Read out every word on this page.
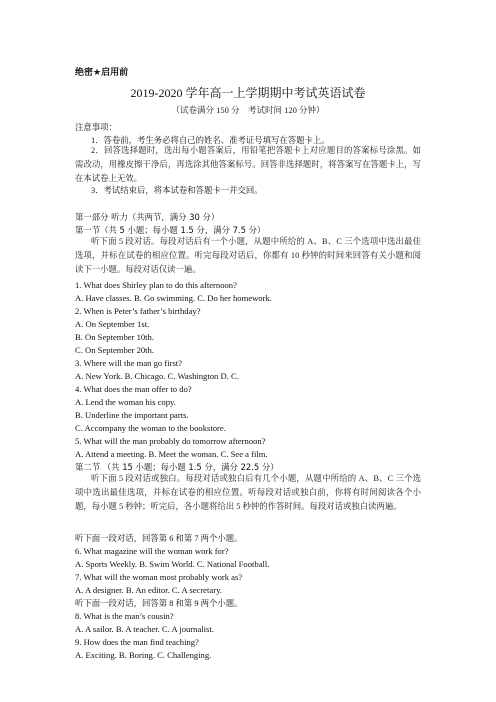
绝密★启用前
2019-2020 学年高一上学期期中考试英语试卷
（试卷满分 150 分　考试时间 120 分钟）
注意事项：
1．答卷前，考生务必将自己的姓名、准考证号填写在答题卡上。
2．回答选择题时，选出每小题答案后，用铅笔把答题卡上对应题目的答案标号涂黑。如需改动，用橡皮擦干净后，再选涂其他答案标号。回答非选择题时，将答案写在答题卡上，写在本试卷上无效。
3．考试结束后，将本试卷和答题卡一并交回。
第一部分 听力（共两节，满分 30 分）
第一节（共 5 小题；每小题 1.5 分，满分 7.5 分）
听下面 5 段对话。每段对话后有一个小题，从题中所给的 A、B、C 三个选项中选出最佳选项，并标在试卷的相应位置。听完每段对话后，你都有 10 秒钟的时间来回答有关小题和阅读下一小题。每段对话仅读一遍。
1. What does Shirley plan to do this afternoon?
A. Have classes. B. Go swimming. C. Do her homework.
2. When is Peter’s father’s birthday?
A. On September 1st.
B. On September 10th.
C. On September 20th.
3. Where will the man go first?
A. New York. B. Chicago. C. Washington D. C.
4. What does the man offer to do?
A. Lend the woman his copy.
B. Underline the important parts.
C. Accompany the woman to the bookstore.
5. What will the man probably do tomorrow afternoon?
A. Attend a meeting. B. Meet the woman. C. See a film.
第二节 （共 15 小题；每小题 1.5 分，满分 22.5 分）
听下面 5 段对话或独白。每段对话或独白后有几个小题，从题中所给的 A、B、C 三个选项中选出最佳选项，并标在试卷的相应位置。听每段对话或独白前，你将有时间阅读各个小题，每小题 5 秒钟；听完后，各小题将给出 5 秒钟的作答时间。每段对话或独白读两遍。
听下面一段对话，回答第 6 和第 7 两个小题。
6. What magazine will the woman work for?
A. Sports Weekly. B. Swim World. C. National Football.
7. What will the woman most probably work as?
A. A designer. B. An editor. C. A secretary.
听下面一段对话，回答第 8 和第 9 两个小题。
8. What is the man’s cousin?
A. A sailor. B. A teacher. C. A journalist.
9. How does the man find teaching?
A. Exciting. B. Boring. C. Challenging.
